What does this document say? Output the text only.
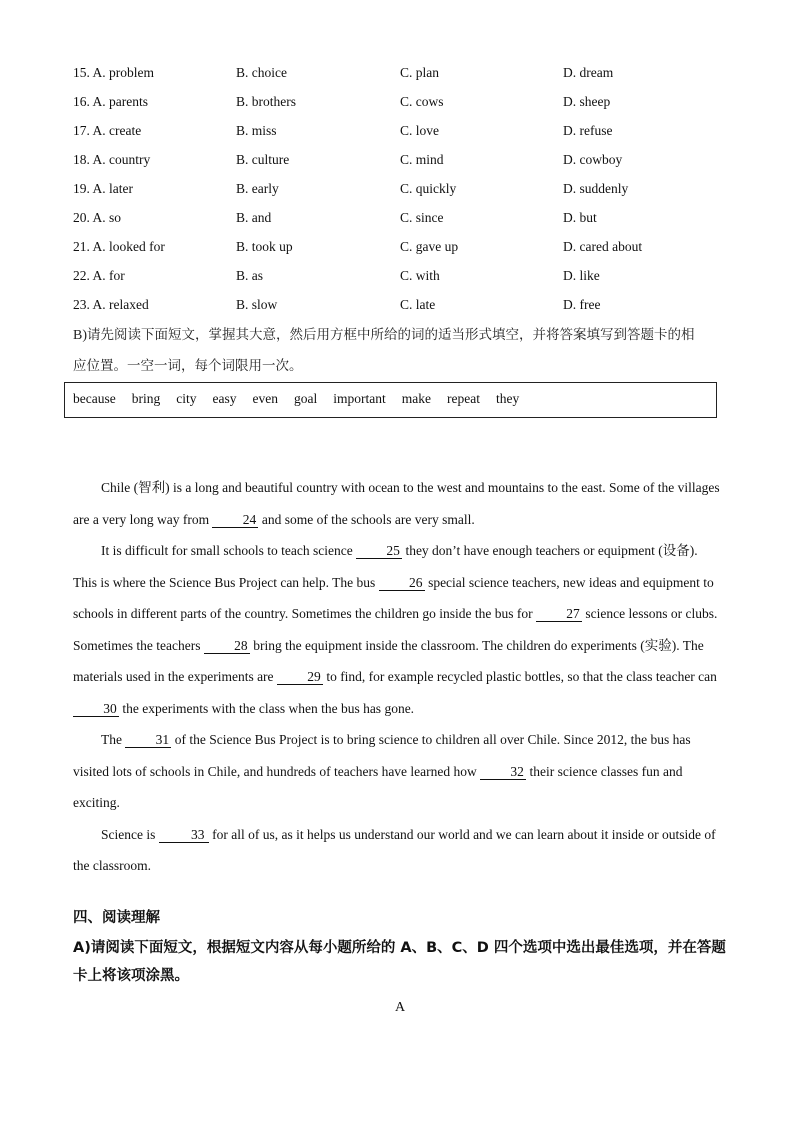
15. A. problem	B. choice	C. plan	D. dream
16. A. parents	B. brothers	C. cows	D. sheep
17. A. create	B. miss	C. love	D. refuse
18. A. country	B. culture	C. mind	D. cowboy
19. A. later	B. early	C. quickly	D. suddenly
20. A. so	B. and	C. since	D. but
21. A. looked for	B. took up	C. gave up	D. cared about
22. A. for	B. as	C. with	D. like
23. A. relaxed	B. slow	C. late	D. free
B)请先阅读下面短文，掌握其大意，然后用方框中所给的词的适当形式填空，并将答案填写到答题卡的相
应位置。一空一词，每个词限用一次。
because bring city easy even goal important make repeat they

Chile (智利) is a long and beautiful country with ocean to the west and mountains to the east. Some of the villages are a very long way from 24 and some of the schools are very small.

It is difficult for small schools to teach science 25 they don’t have enough teachers or equipment (设备). This is where the Science Bus Project can help. The bus 26 special science teachers, new ideas and equipment to schools in different parts of the country. Sometimes the children go inside the bus for 27 science lessons or clubs. Sometimes the teachers 28 bring the equipment inside the classroom. The children do experiments (实验). The materials used in the experiments are 29 to find, for example recycled plastic bottles, so that the class teacher can 30 the experiments with the class when the bus has gone.

The 31 of the Science Bus Project is to bring science to children all over Chile. Since 2012, the bus has visited lots of schools in Chile, and hundreds of teachers have learned how 32 their science classes fun and exciting.

Science is 33 for all of us, as it helps us understand our world and we can learn about it inside or outside of the classroom.

四、阅读理解
A)请阅读下面短文，根据短文内容从每小题所给的 A、B、C、D 四个选项中选出最佳选项，并在答题卡上将该项涂黑。
A
